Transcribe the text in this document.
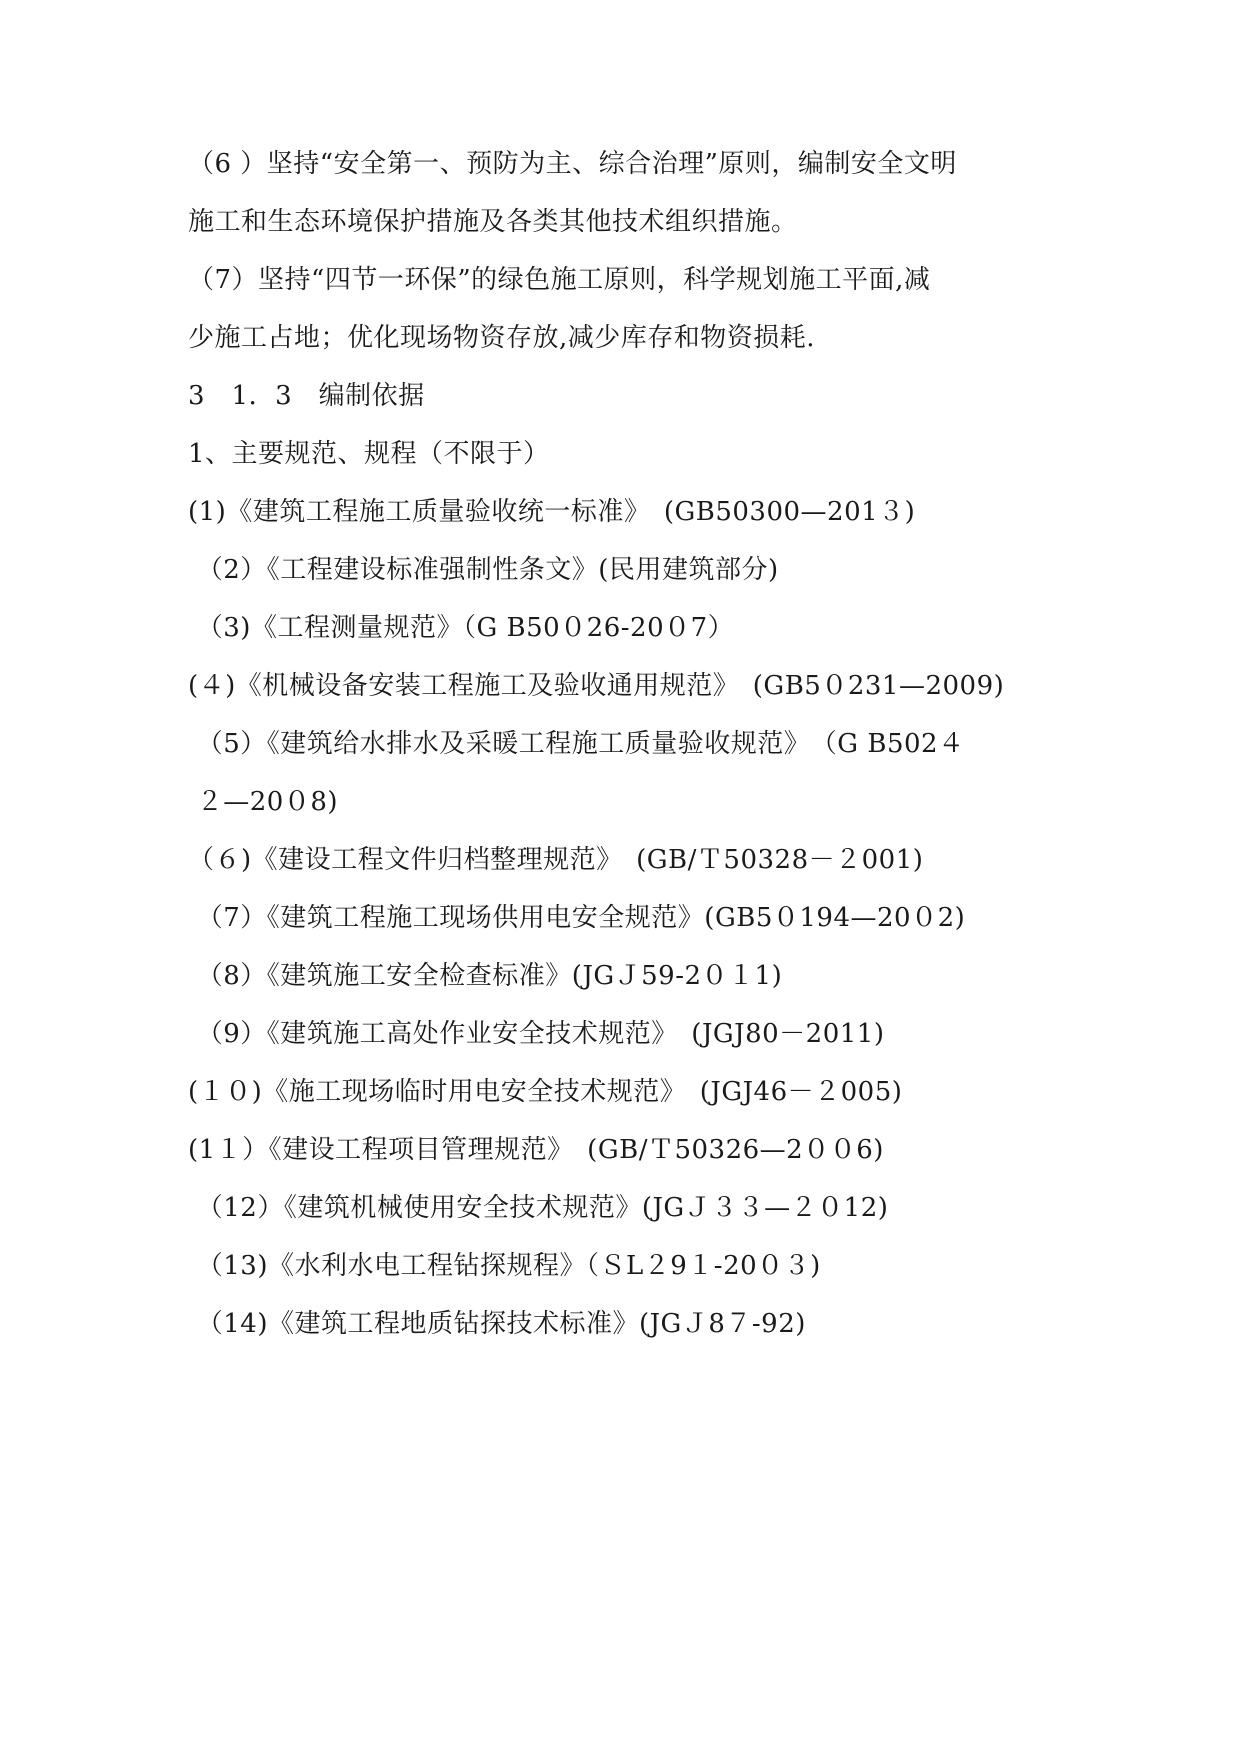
（6 ）坚持“安全第一、预防为主、综合治理”原则，编制安全文明
施工和生态环境保护措施及各类其他技术组织措施。
（7）坚持“四节一环保”的绿色施工原则，科学规划施工平面,减
少施工占地；优化现场物资存放,减少库存和物资损耗.
3　1．3　编制依据
1、主要规范、规程（不限于）
(1)《建筑工程施工质量验收统一标准》　(GB50300—201３)
（2）《工程建设标准强制性条文》(民用建筑部分)
（3)《工程测量规范》（G B50０26-20０7）
(４)《机械设备安装工程施工及验收通用规范》　(GB5０231—2009)
（5）《建筑给水排水及采暖工程施工质量验收规范》　（G B502４
２—20０8)
（６)《建设工程文件归档整理规范》　(GB/Ｔ50328－２001)
（7）《建筑工程施工现场供用电安全规范》(GB5０194—20０2)
（8）《建筑施工安全检查标准》(JGＪ59-2０１1)
（9）《建筑施工高处作业安全技术规范》　(JGJ80－2011)
(１０)《施工现场临时用电安全技术规范》　(JGJ46－２005)
(1１）《建设工程项目管理规范》　(GB/Ｔ50326—2００6)
（12）《建筑机械使用安全技术规范》(JGＪ３３—２０12)
（13)《水利水电工程钻探规程》（ＳL２9１-20０３)
（14)《建筑工程地质钻探技术标准》(JGＪ8７-92)
